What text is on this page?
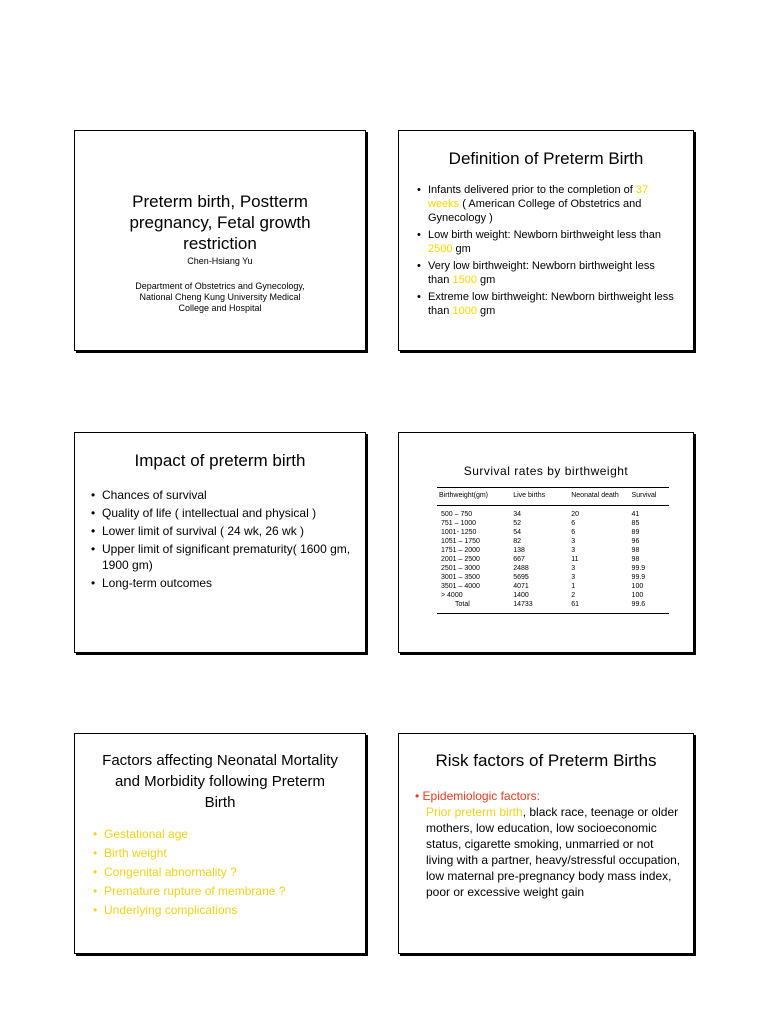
Preterm birth, Postterm
pregnancy, Fetal growth
restriction
Chen-Hsiang Yu
Department of Obstetrics and Gynecology,
National Cheng Kung University Medical
College and Hospital
Definition of Preterm Birth
• Infants delivered prior to the completion of 37 weeks ( American College of Obstetrics and Gynecology )
• Low birth weight: Newborn birthweight less than 2500 gm
• Very low birthweight: Newborn birthweight less than 1500 gm
• Extreme low birthweight: Newborn birthweight less than 1000 gm
Impact of preterm birth
• Chances of survival
• Quality of life ( intellectual and physical )
• Lower limit of survival ( 24 wk, 26 wk )
• Upper limit of significant prematurity( 1600 gm, 1900 gm)
• Long-term outcomes
Survival rates by birthweight
Birthweight(gm)	Live births	Neonatal death	Survival
500 – 750	34	20	41
751 – 1000	52	6	85
1001- 1250	54	6	89
1051 – 1750	82	3	96
1751 – 2000	138	3	98
2001 – 2500	667	11	98
2501 – 3000	2488	3	99.9
3001 – 3500	5695	3	99.9
3501 – 4000	4071	1	100
> 4000	1400	2	100
Total	14733	61	99.6
Factors affecting Neonatal Mortality
and Morbidity following Preterm
Birth
• Gestational age
• Birth weight
• Congenital abnormality ?
• Premature rupture of membrane ?
• Underlying complications
Risk factors of Preterm Births
• Epidemiologic factors:
Prior preterm birth, black race, teenage or older mothers, low education, low socioeconomic status, cigarette smoking, unmarried or not living with a partner, heavy/stressful occupation, low maternal pre-pregnancy body mass index, poor or excessive weight gain
